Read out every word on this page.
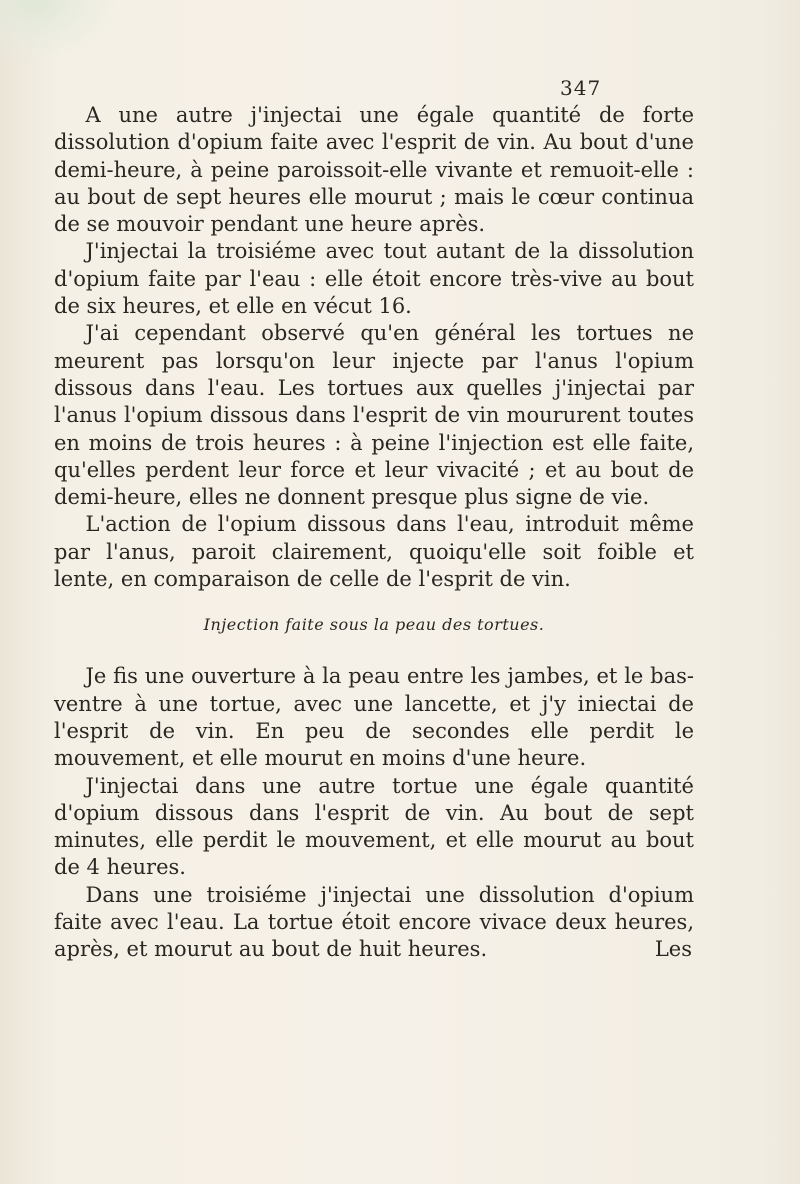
347

A une autre j'injectai une égale quantité de forte dissolution d'opium faite avec l'esprit de vin. Au bout d'une demi-heure, à peine paroissoit-elle vivante et remuoit-elle : au bout de sept heures elle mourut ; mais le cœur continua de se mouvoir pendant une heure après.

J'injectai la troisiéme avec tout autant de la dissolution d'opium faite par l'eau : elle étoit encore très-vive au bout de six heures, et elle en vécut 16.

J'ai cependant observé qu'en général les tortues ne meurent pas lorsqu'on leur injecte par l'anus l'opium dissous dans l'eau. Les tortues aux quelles j'injectai par l'anus l'opium dissous dans l'esprit de vin moururent toutes en moins de trois heures : à peine l'injection est elle faite, qu'elles perdent leur force et leur vivacité ; et au bout de demi-heure, elles ne donnent presque plus signe de vie.

L'action de l'opium dissous dans l'eau, introduit même par l'anus, paroit clairement, quoiqu'elle soit foible et lente, en comparaison de celle de l'esprit de vin.

Injection faite sous la peau des tortues.

Je fis une ouverture à la peau entre les jambes, et le bas-ventre à une tortue, avec une lancette, et j'y iniectai de l'esprit de vin. En peu de secondes elle perdit le mouvement, et elle mourut en moins d'une heure.

J'injectai dans une autre tortue une égale quantité d'opium dissous dans l'esprit de vin. Au bout de sept minutes, elle perdit le mouvement, et elle mourut au bout de 4 heures.

Dans une troisiéme j'injectai une dissolution d'opium faite avec l'eau. La tortue étoit encore vivace deux heures, après, et mourut au bout de huit heures.	Les
